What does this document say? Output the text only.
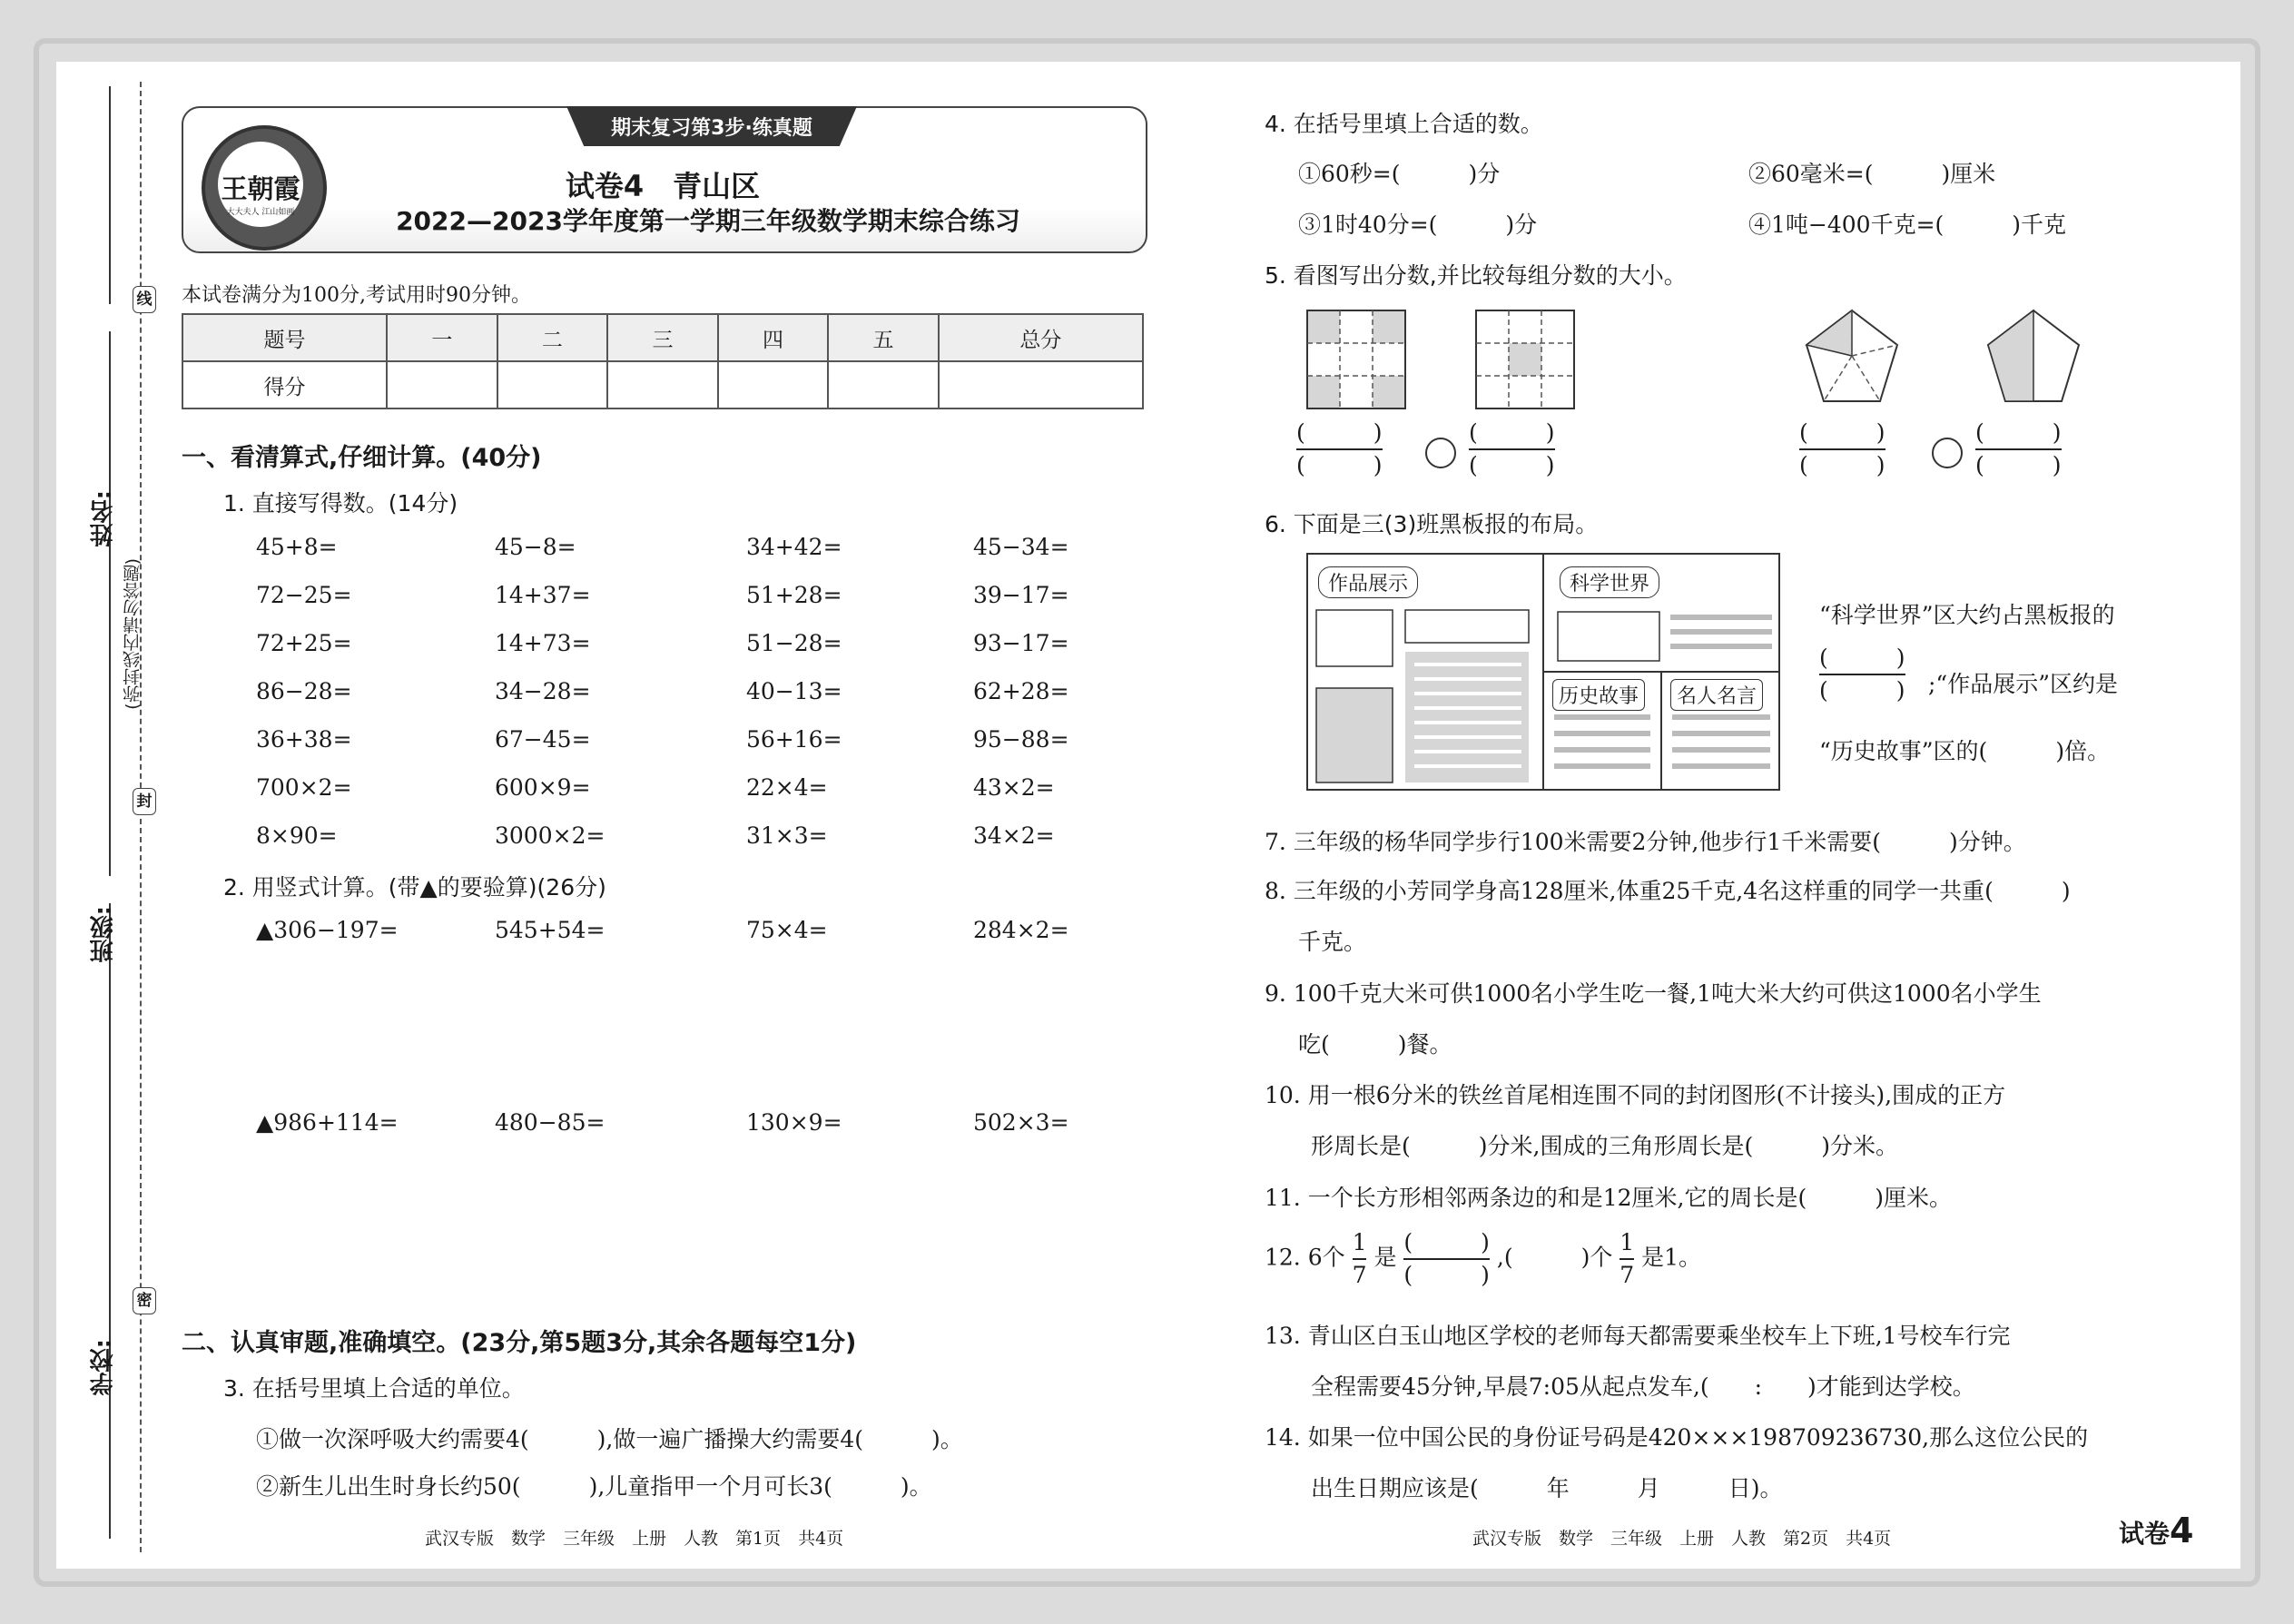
线
封
密
姓名:
班级:
学校:
(弥封线内请勿答题)
期末复习第3步·练真题
王朝霞
大大夫人 江山如画
试卷4　青山区
2022—2023学年度第一学期三年级数学期末综合练习
本试卷满分为100分,考试用时90分钟。
题号	一	二	三	四	五	总分
得分						
一、看清算式,仔细计算。(40分)
1. 直接写得数。(14分)
45+8=	45−8=	34+42=	45−34=
72−25=	14+37=	51+28=	39−17=
72+25=	14+73=	51−28=	93−17=
86−28=	34−28=	40−13=	62+28=
36+38=	67−45=	56+16=	95−88=
700×2=	600×9=	22×4=	43×2=
8×90=	3000×2=	31×3=	34×2=
2. 用竖式计算。(带▲的要验算)(26分)
▲306−197=	545+54=	75×4=	284×2=
▲986+114=	480−85=	130×9=	502×3=
二、认真审题,准确填空。(23分,第5题3分,其余各题每空1分)
3. 在括号里填上合适的单位。
①做一次深呼吸大约需要4(　　　),做一遍广播操大约需要4(　　　)。
②新生儿出生时身长约50(　　　),儿童指甲一个月可长3(　　　)。
武汉专版　数学　三年级　上册　人教　第1页　共4页
4. 在括号里填上合适的数。
①60秒=(　　　)分	②60毫米=(　　　)厘米
③1时40分=(　　　)分	④1吨−400千克=(　　　)千克
5. 看图写出分数,并比较每组分数的大小。
$\frac{( )}{( )}$	$\frac{( )}{( )}$	$\frac{( )}{( )}$	$\frac{( )}{( )}$
6. 下面是三(3)班黑板报的布局。
作品展示	科学世界
历史故事	名人名言
“科学世界”区大约占黑板报的
$\frac{( )}{( )}$ ;“作品展示”区约是
“历史故事”区的(　　　)倍。
7. 三年级的杨华同学步行100米需要2分钟,他步行1千米需要(　　　)分钟。
8. 三年级的小芳同学身高128厘米,体重25千克,4名这样重的同学一共重(　　　)
千克。
9. 100千克大米可供1000名小学生吃一餐,1吨大米大约可供这1000名小学生
吃(　　　)餐。
10. 用一根6分米的铁丝首尾相连围不同的封闭图形(不计接头),围成的正方
形周长是(　　　)分米,围成的三角形周长是(　　　)分米。
11. 一个长方形相邻两条边的和是12厘米,它的周长是(　　　)厘米。
12. 6个 $\frac{1}{7}$ 是 $\frac{( )}{( )}$ ,(　　　)个 $\frac{1}{7}$ 是1。
13. 青山区白玉山地区学校的老师每天都需要乘坐校车上下班,1号校车行完
全程需要45分钟,早晨7:05从起点发车,(　　:　　)才能到达学校。
14. 如果一位中国公民的身份证号码是420×××198709236730,那么这位公民的
出生日期应该是(　　　年　　　月　　　日)。
武汉专版　数学　三年级　上册　人教　第2页　共4页	试卷4
